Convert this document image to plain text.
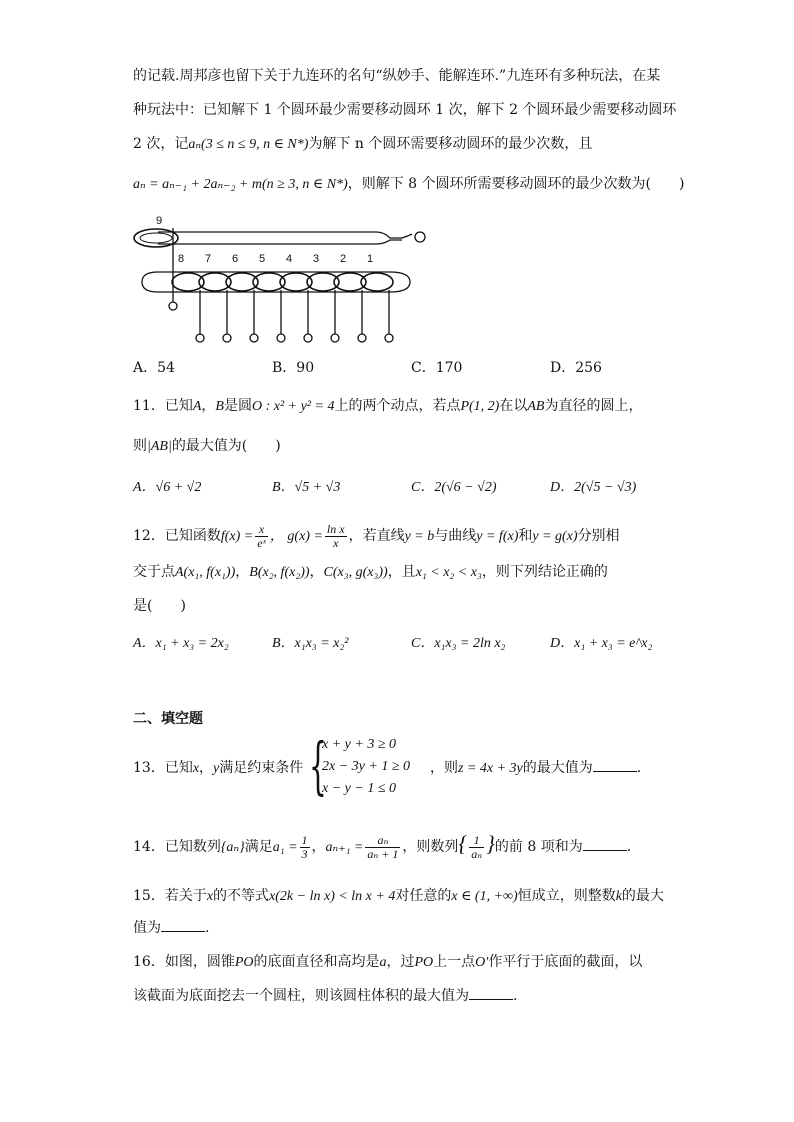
的记载.周邦彦也留下关于九连环的名句“纵妙手、能解连环.”九连环有多种玩法，在某
种玩法中：已知解下 1 个圆环最少需要移动圆环 1 次，解下 2 个圆环最少需要移动圆环
2 次，记aₙ(3 ≤ n ≤ 9, n ∈ N*)为解下 n 个圆环需要移动圆环的最少次数，且
aₙ = aₙ₋₁ + 2aₙ₋₂ + m(n ≥ 3, n ∈ N*)，则解下 8 个圆环所需要移动圆环的最少次数为(　　)
9
8 7 6 5 4 3 2 1
A．54	B．90	C．170	D．256
11．已知A，B是圆O : x² + y² = 4上的两个动点，若点P(1, 2)在以AB为直径的圆上，
则|AB|的最大值为(　　)
A．√6 + √2	B．√5 + √3	C．2(√6 − √2)	D．2(√5 − √3)
12．已知函数$f(x) = \frac{x}{\text{eˣ}}$ ， $g(x) = \frac{\text{ln x}}{x}$ ，若直线y = b与曲线y = f(x)和y = g(x)分别相
交于点A(x₁, f(x₁))，B(x₂, f(x₂))，C(x₃, g(x₃))，且x₁ < x₂ < x₃，则下列结论正确的
是(　　)
A．x₁ + x₃ = 2x₂	B．x₁x₃ = x₂²	C．x₁x₃ = 2ln x₂	D．x₁ + x₃ = e^x₂
二、填空题
13．已知x，y满足约束条件 {
x + y + 3 ≥ 0
2x − 3y + 1 ≥ 0
x − y − 1 ≤ 0
，则z = 4x + 3y的最大值为	.
14．已知数列{aₙ}满足$a_1 = \frac{1}{3}$ ，$a_{n+1} = \frac{\text{aₙ}}{\text{aₙ + 1}}$ ，则数列{ $\frac{1}{\text{aₙ}}$ }的前 8 项和为	.
15．若关于x的不等式x(2k − ln x) < ln x + 4对任意的x ∈ (1, +∞)恒成立，则整数k的最大
值为	.
16．如图，圆锥PO的底面直径和高均是a，过PO上一点O′作平行于底面的截面，以
该截面为底面挖去一个圆柱，则该圆柱体积的最大值为	.
